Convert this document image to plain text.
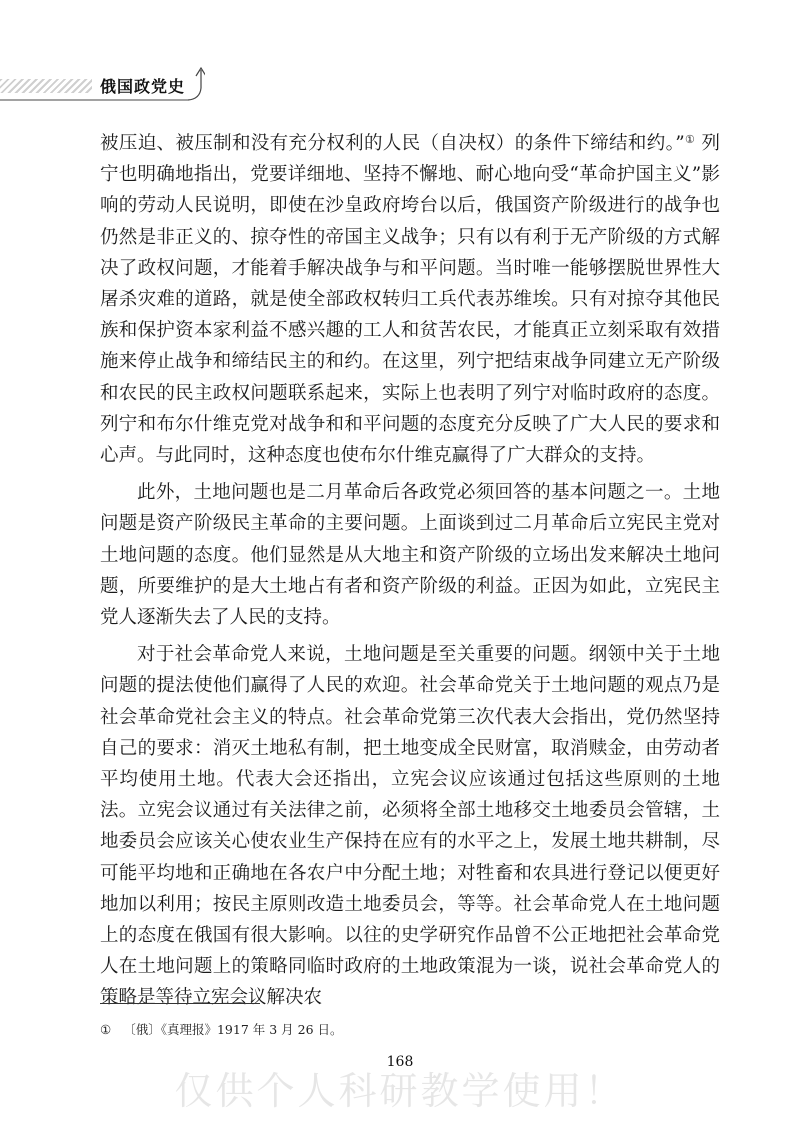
俄国政党史

被压迫、被压制和没有充分权利的人民（自决权）的条件下缔结和约。”① 列宁也明确地指出，党要详细地、坚持不懈地、耐心地向受“革命护国主义”影响的劳动人民说明，即使在沙皇政府垮台以后，俄国资产阶级进行的战争也仍然是非正义的、掠夺性的帝国主义战争；只有以有利于无产阶级的方式解决了政权问题，才能着手解决战争与和平问题。当时唯一能够摆脱世界性大屠杀灾难的道路，就是使全部政权转归工兵代表苏维埃。只有对掠夺其他民族和保护资本家利益不感兴趣的工人和贫苦农民，才能真正立刻采取有效措施来停止战争和缔结民主的和约。在这里，列宁把结束战争同建立无产阶级和农民的民主政权问题联系起来，实际上也表明了列宁对临时政府的态度。列宁和布尔什维克党对战争和和平问题的态度充分反映了广大人民的要求和心声。与此同时，这种态度也使布尔什维克赢得了广大群众的支持。

此外，土地问题也是二月革命后各政党必须回答的基本问题之一。土地问题是资产阶级民主革命的主要问题。上面谈到过二月革命后立宪民主党对土地问题的态度。他们显然是从大地主和资产阶级的立场出发来解决土地问题，所要维护的是大土地占有者和资产阶级的利益。正因为如此，立宪民主党人逐渐失去了人民的支持。

对于社会革命党人来说，土地问题是至关重要的问题。纲领中关于土地问题的提法使他们赢得了人民的欢迎。社会革命党关于土地问题的观点乃是社会革命党社会主义的特点。社会革命党第三次代表大会指出，党仍然坚持自己的要求：消灭土地私有制，把土地变成全民财富，取消赎金，由劳动者平均使用土地。代表大会还指出，立宪会议应该通过包括这些原则的土地法。立宪会议通过有关法律之前，必须将全部土地移交土地委员会管辖，土地委员会应该关心使农业生产保持在应有的水平之上，发展土地共耕制，尽可能平均地和正确地在各农户中分配土地；对牲畜和农具进行登记以便更好地加以利用；按民主原则改造土地委员会，等等。社会革命党人在土地问题上的态度在俄国有很大影响。以往的史学研究作品曾不公正地把社会革命党人在土地问题上的策略同临时政府的土地政策混为一谈，说社会革命党人的策略是等待立宪会议解决农

① 〔俄〕《真理报》1917 年 3 月 26 日。
168
仅供个人科研教学使用！
